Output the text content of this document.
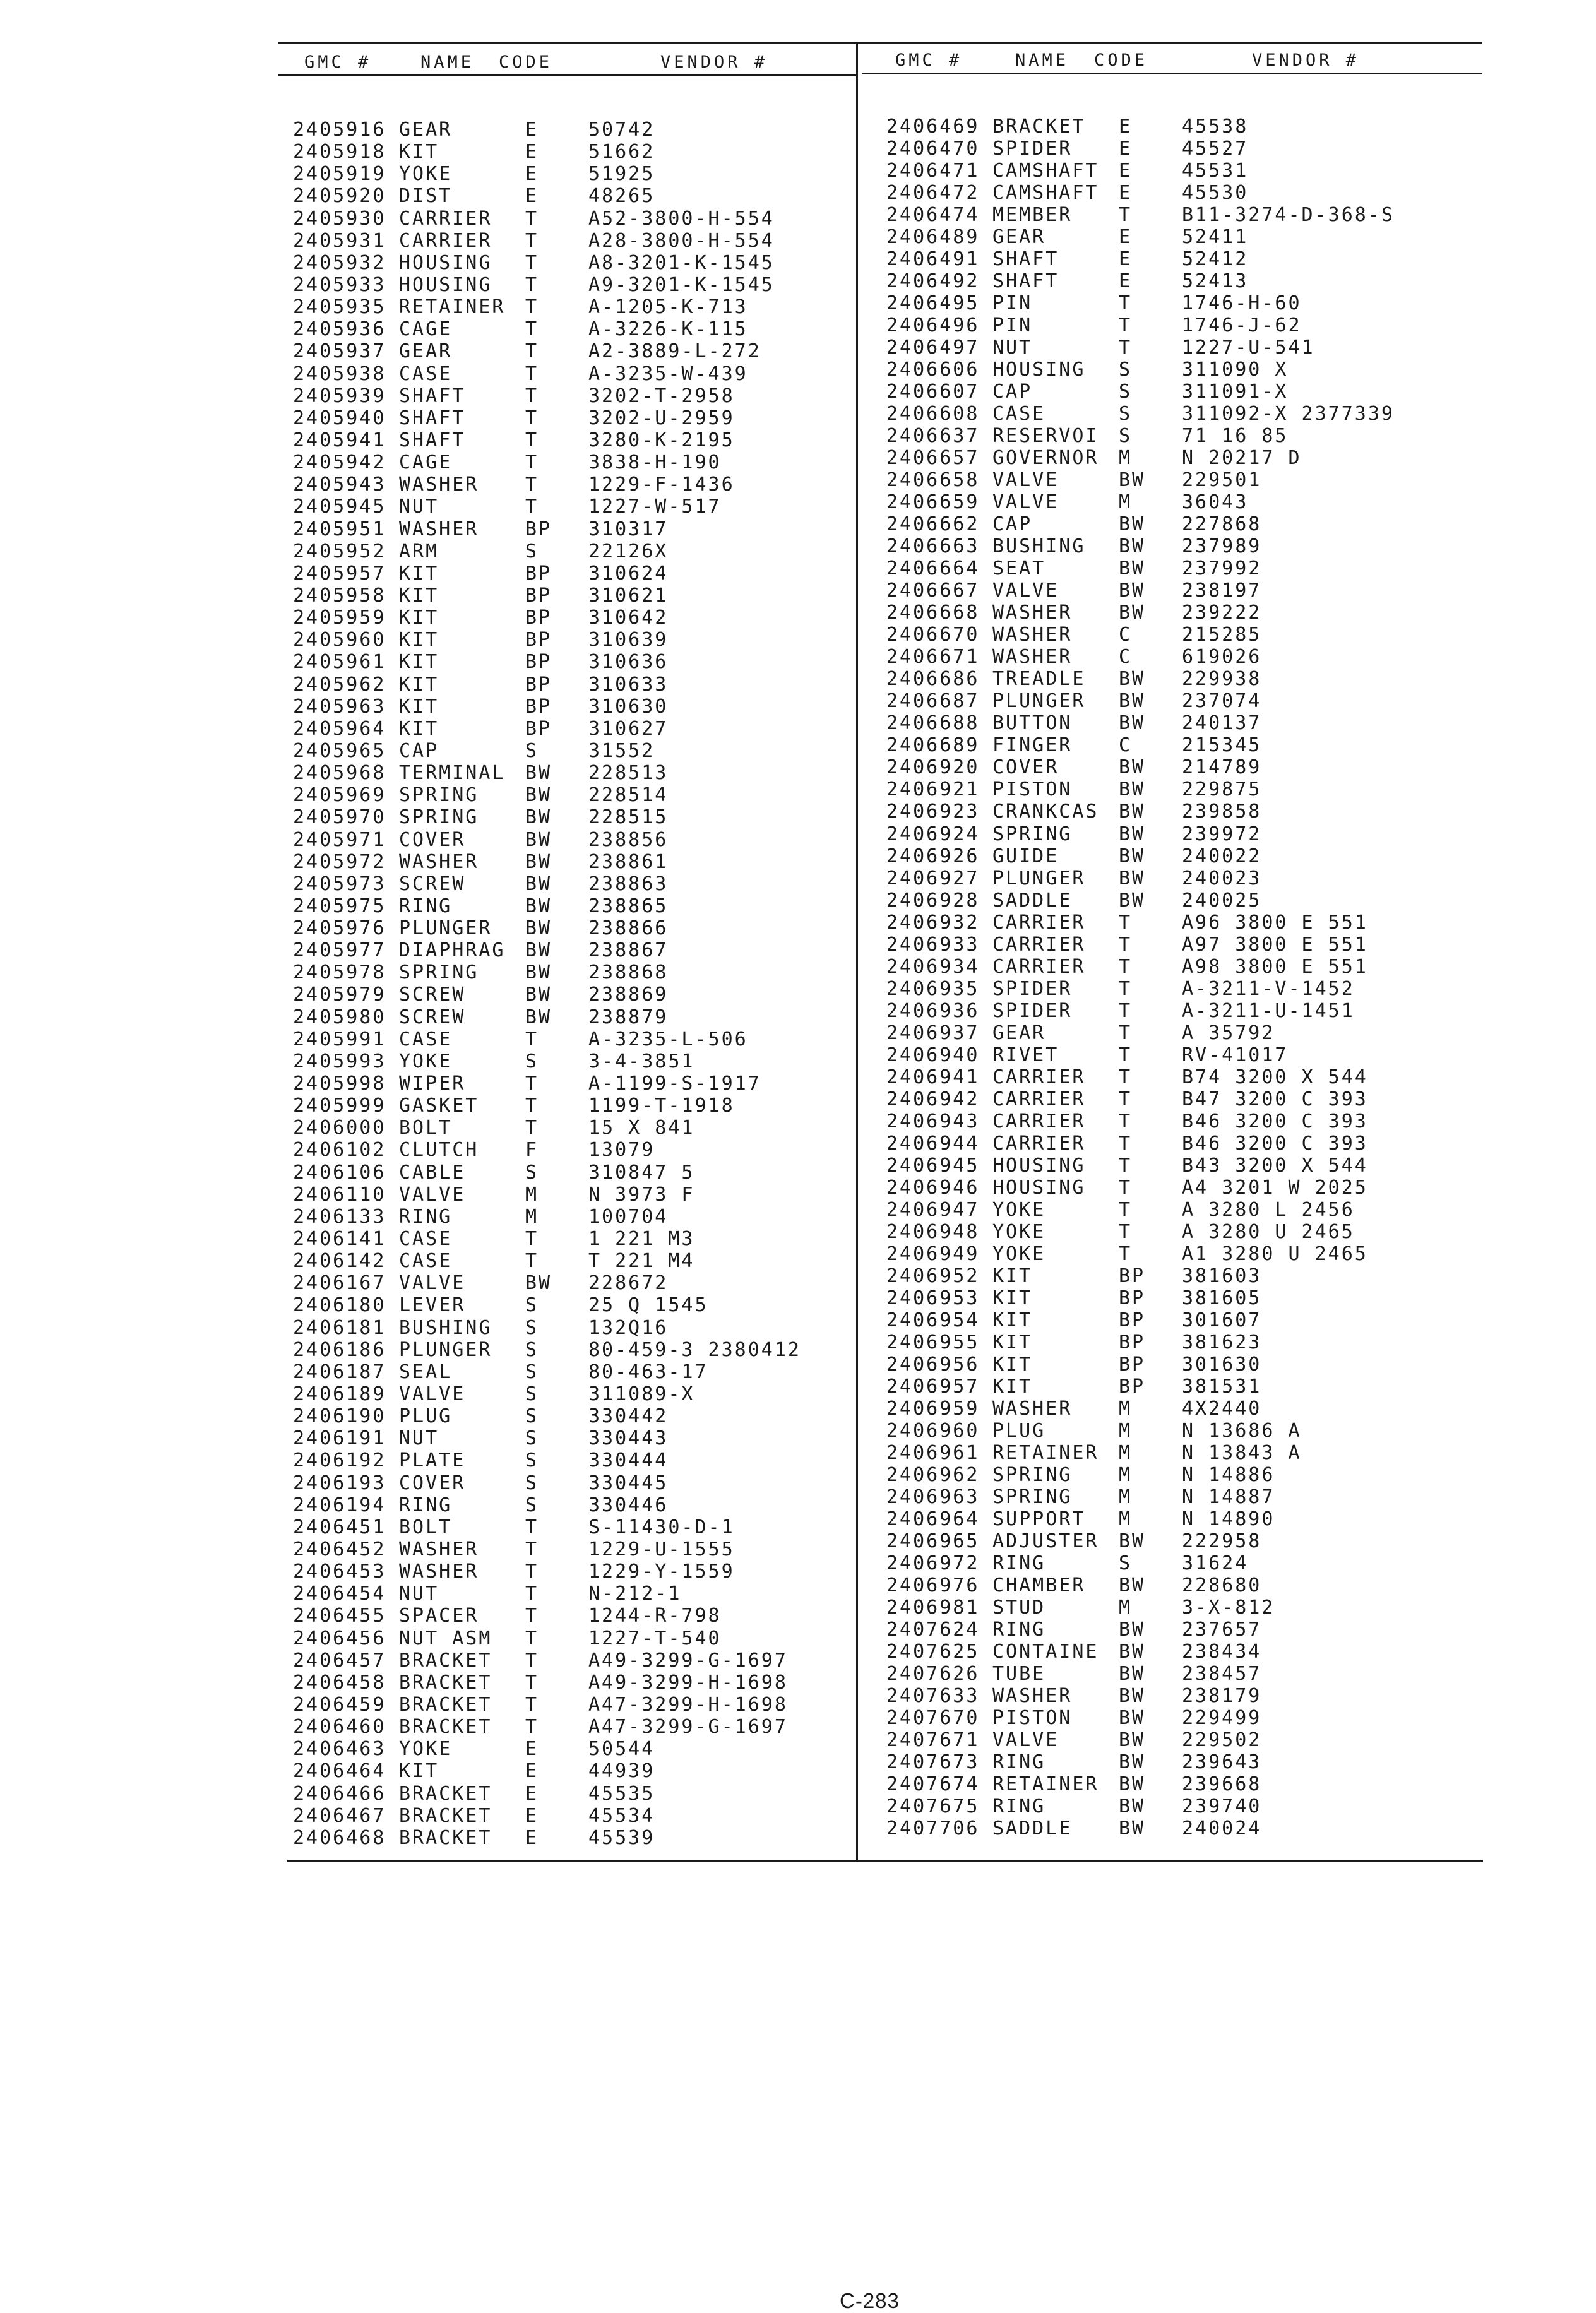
GMC #	NAME CODE	VENDOR #	GMC #	NAME CODE	VENDOR #
2405916 GEAR	E	50742
2405918 KIT	E	51662
2405919 YOKE	E	51925
2405920 DIST	E	48265
2405930 CARRIER T	A52-3800-H-554
2405931 CARRIER T	A28-3800-H-554
2405932 HOUSING T	A8-3201-K-1545
2405933 HOUSING T	A9-3201-K-1545
2405935 RETAINER T	A-1205-K-713
2405936 CAGE	T	A-3226-K-115
2405937 GEAR	T	A2-3889-L-272
2405938 CASE	T	A-3235-W-439
2405939 SHAFT	T	3202-T-2958
2405940 SHAFT	T	3202-U-2959
2405941 SHAFT	T	3280-K-2195
2405942 CAGE	T	3838-H-190
2405943 WASHER T	1229-F-1436
2405945 NUT	T	1227-W-517
2405951 WASHER BP 310317
2405952 ARM	S	22126X
2405957 KIT	BP 310624
2405958 KIT	BP 310621
2405959 KIT	BP 310642
2405960 KIT	BP 310639
2405961 KIT	BP 310636
2405962 KIT	BP 310633
2405963 KIT	BP 310630
2405964 KIT	BP 310627
2405965 CAP	S	31552
2405968 TERMINAL BW 228513
2405969 SPRING BW 228514
2405970 SPRING BW 228515
2405971 COVER	BW 238856
2405972 WASHER BW 238861
2405973 SCREW	BW 238863
2405975 RING	BW 238865
2405976 PLUNGER BW 238866
2405977 DIAPHRAG BW 238867
2405978 SPRING BW 238868
2405979 SCREW	BW 238869
2405980 SCREW	BW 238879
2405991 CASE	T	A-3235-L-506
2405993 YOKE	S	3-4-3851
2405998 WIPER	T	A-1199-S-1917
2405999 GASKET T	1199-T-1918
2406000 BOLT	T	15 X 841
2406102 CLUTCH F	13079
2406106 CABLE	S	310847 5
2406110 VALVE	M	N 3973 F
2406133 RING	M	100704
2406141 CASE	T	1 221 M3
2406142 CASE	T	T 221 M4
2406167 VALVE	BW 228672
2406180 LEVER	S	25 Q 1545
2406181 BUSHING S	132Q16
2406186 PLUNGER S	80-459-3 2380412
2406187 SEAL	S	80-463-17
2406189 VALVE	S	311089-X
2406190 PLUG	S	330442
2406191 NUT	S	330443
2406192 PLATE	S	330444
2406193 COVER	S	330445
2406194 RING	S	330446
2406451 BOLT	T	S-11430-D-1
2406452 WASHER T	1229-U-1555
2406453 WASHER T	1229-Y-1559
2406454 NUT	T	N-212-1
2406455 SPACER T	1244-R-798
2406456 NUT ASM T	1227-T-540
2406457 BRACKET T	A49-3299-G-1697
2406458 BRACKET T	A49-3299-H-1698
2406459 BRACKET T	A47-3299-H-1698
2406460 BRACKET T	A47-3299-G-1697
2406463 YOKE	E	50544
2406464 KIT	E	44939
2406466 BRACKET E	45535
2406467 BRACKET E	45534
2406468 BRACKET E	45539
2406469 BRACKET E	45538
2406470 SPIDER E	45527
2406471 CAMSHAFT E	45531
2406472 CAMSHAFT E	45530
2406474 MEMBER T	B11-3274-D-368-S
2406489 GEAR	E	52411
2406491 SHAFT	E	52412
2406492 SHAFT	E	52413
2406495 PIN	T	1746-H-60
2406496 PIN	T	1746-J-62
2406497 NUT	T	1227-U-541
2406606 HOUSING S	311090 X
2406607 CAP	S	311091-X
2406608 CASE	S	311092-X 2377339
2406637 RESERVOI S	71 16 85
2406657 GOVERNOR M	N 20217 D
2406658 VALVE	BW 229501
2406659 VALVE	M	36043
2406662 CAP	BW 227868
2406663 BUSHING BW 237989
2406664 SEAT	BW 237992
2406667 VALVE	BW 238197
2406668 WASHER BW 239222
2406670 WASHER C	215285
2406671 WASHER C	619026
2406686 TREADLE BW 229938
2406687 PLUNGER BW 237074
2406688 BUTTON BW 240137
2406689 FINGER C	215345
2406920 COVER	BW 214789
2406921 PISTON BW 229875
2406923 CRANKCAS BW 239858
2406924 SPRING BW 239972
2406926 GUIDE	BW 240022
2406927 PLUNGER BW 240023
2406928 SADDLE BW 240025
2406932 CARRIER T	A96 3800 E 551
2406933 CARRIER T	A97 3800 E 551
2406934 CARRIER T	A98 3800 E 551
2406935 SPIDER T	A-3211-V-1452
2406936 SPIDER T	A-3211-U-1451
2406937 GEAR	T	A 35792
2406940 RIVET	T	RV-41017
2406941 CARRIER T	B74 3200 X 544
2406942 CARRIER T	B47 3200 C 393
2406943 CARRIER T	B46 3200 C 393
2406944 CARRIER T	B46 3200 C 393
2406945 HOUSING T	B43 3200 X 544
2406946 HOUSING T	A4 3201 W 2025
2406947 YOKE	T	A 3280 L 2456
2406948 YOKE	T	A 3280 U 2465
2406949 YOKE	T	A1 3280 U 2465
2406952 KIT	BP 381603
2406953 KIT	BP 381605
2406954 KIT	BP 301607
2406955 KIT	BP 381623
2406956 KIT	BP 301630
2406957 KIT	BP 381531
2406959 WASHER M	4X2440
2406960 PLUG	M	N 13686 A
2406961 RETAINER M	N 13843 A
2406962 SPRING M	N 14886
2406963 SPRING M	N 14887
2406964 SUPPORT M	N 14890
2406965 ADJUSTER BW 222958
2406972 RING	S	31624
2406976 CHAMBER BW 228680
2406981 STUD	M	3-X-812
2407624 RING	BW 237657
2407625 CONTAINE BW 238434
2407626 TUBE	BW 238457
2407633 WASHER BW 238179
2407670 PISTON BW 229499
2407671 VALVE	BW 229502
2407673 RING	BW 239643
2407674 RETAINER BW 239668
2407675 RING	BW 239740
2407706 SADDLE BW 240024
C-283
